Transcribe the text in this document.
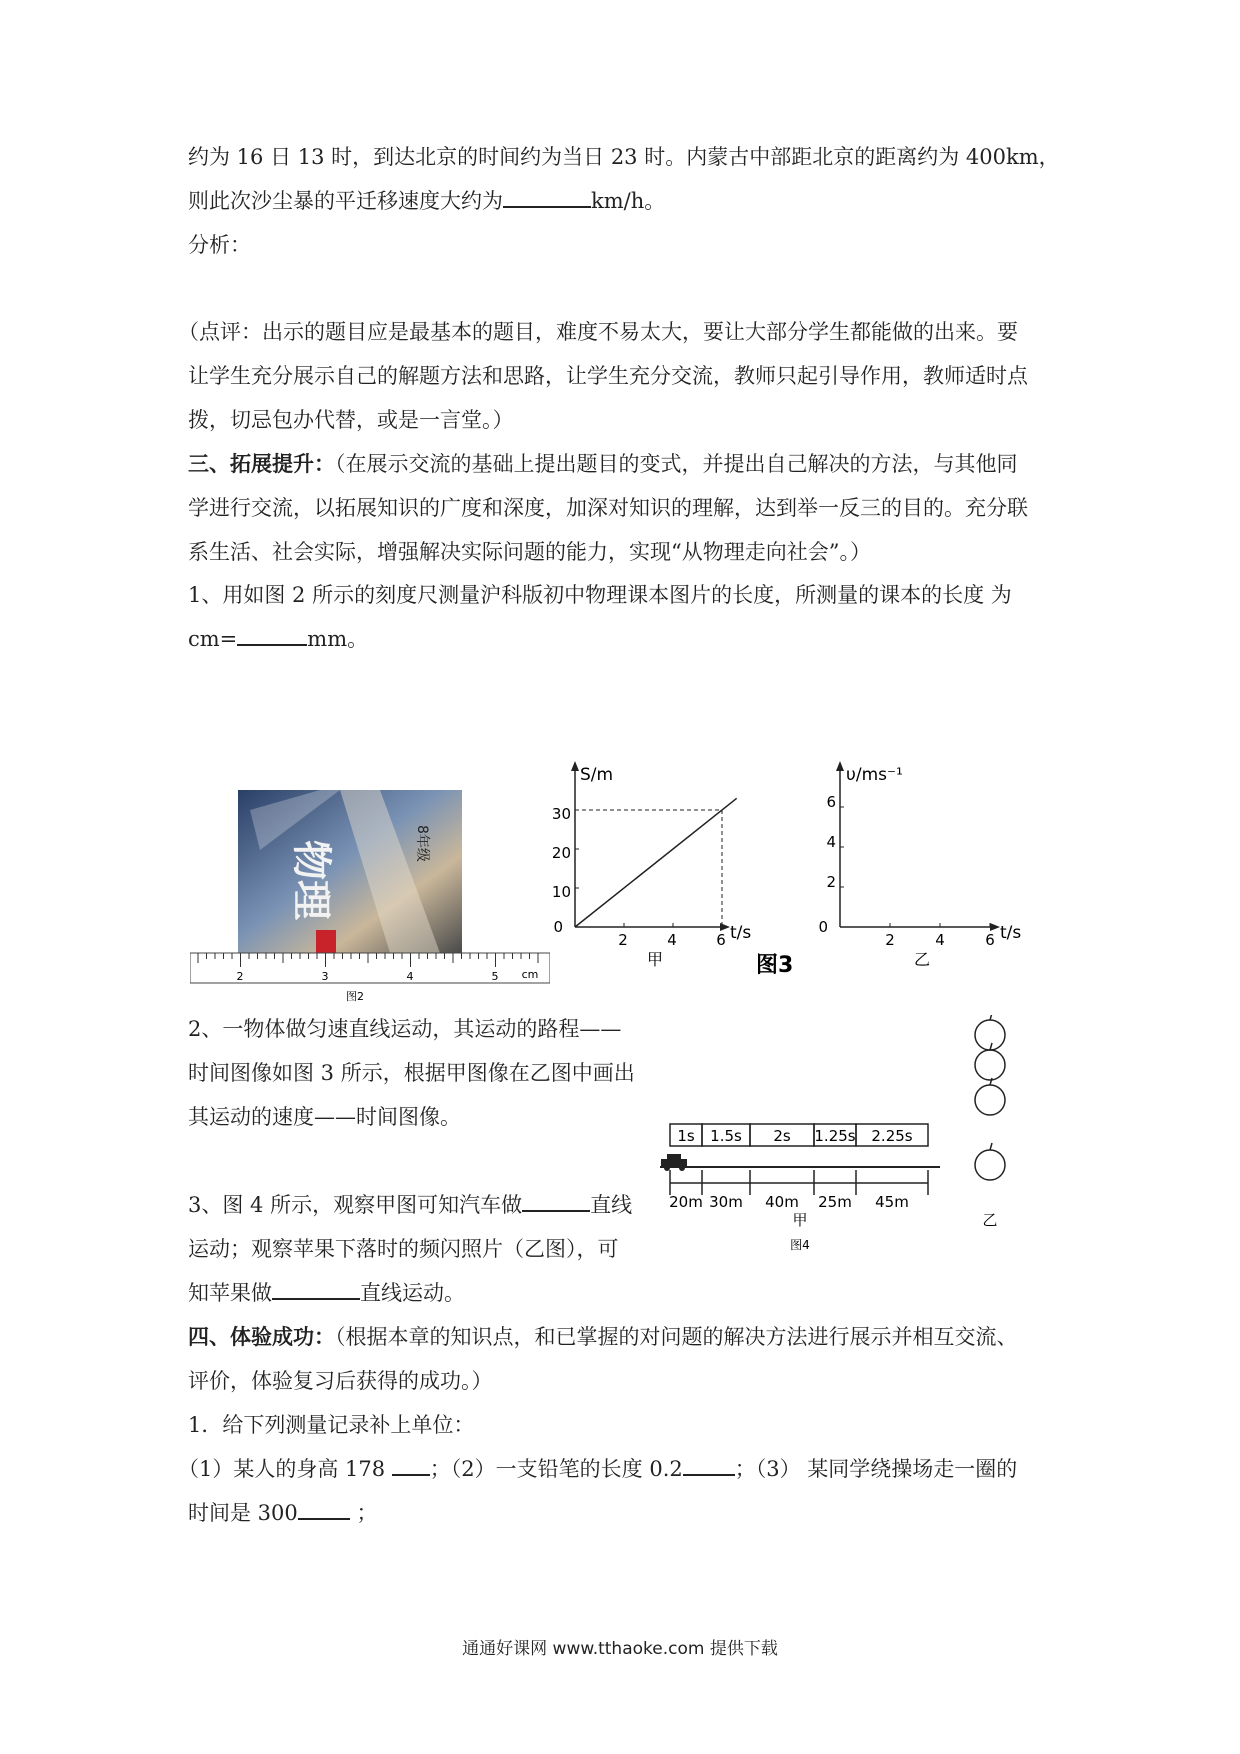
约为 16 日 13 时，到达北京的时间约为当日 23 时。内蒙古中部距北京的距离约为 400km，
则此次沙尘暴的平迁移速度大约为	km/h。
分析：
（点评：出示的题目应是最基本的题目，难度不易太大，要让大部分学生都能做的出来。要
让学生充分展示自己的解题方法和思路，让学生充分交流，教师只起引导作用，教师适时点
拨，切忌包办代替，或是一言堂。）
三、拓展提升：（在展示交流的基础上提出题目的变式，并提出自己解决的方法，与其他同
学进行交流，以拓展知识的广度和深度，加深对知识的理解，达到举一反三的目的。充分联
系生活、社会实际，增强解决实际问题的能力，实现“从物理走向社会”。）
1、用如图 2 所示的刻度尺测量沪科版初中物理课本图片的长度，所测量的课本的长度 为
cm=	mm。
物理	8年级
2	3	4	5 cm
图2
S/m
t/s
0
30
20
10
2	4	6
甲	图3
υ/ms⁻¹
t/s
0
6
4
2
2	4	6
乙
2、一物体做匀速直线运动，其运动的路程——
时间图像如图 3 所示，根据甲图像在乙图中画出
其运动的速度——时间图像。
1s 1.5s 2s 1.25s 2.25s
20m 30m 40m 25m 45m
甲
图4
乙
3、图 4 所示，观察甲图可知汽车做	直线
运动；观察苹果下落时的频闪照片（乙图），可
知苹果做	直线运动。
四、体验成功：（根据本章的知识点，和已掌握的对问题的解决方法进行展示并相互交流、
评价，体验复习后获得的成功。）
1．给下列测量记录补上单位：
（1）某人的身高 178 ；（2）一支铅笔的长度 0.2 ；（3） 某同学绕操场走一圈的
时间是 300 ；
通通好课网 www.tthaoke.com 提供下载
